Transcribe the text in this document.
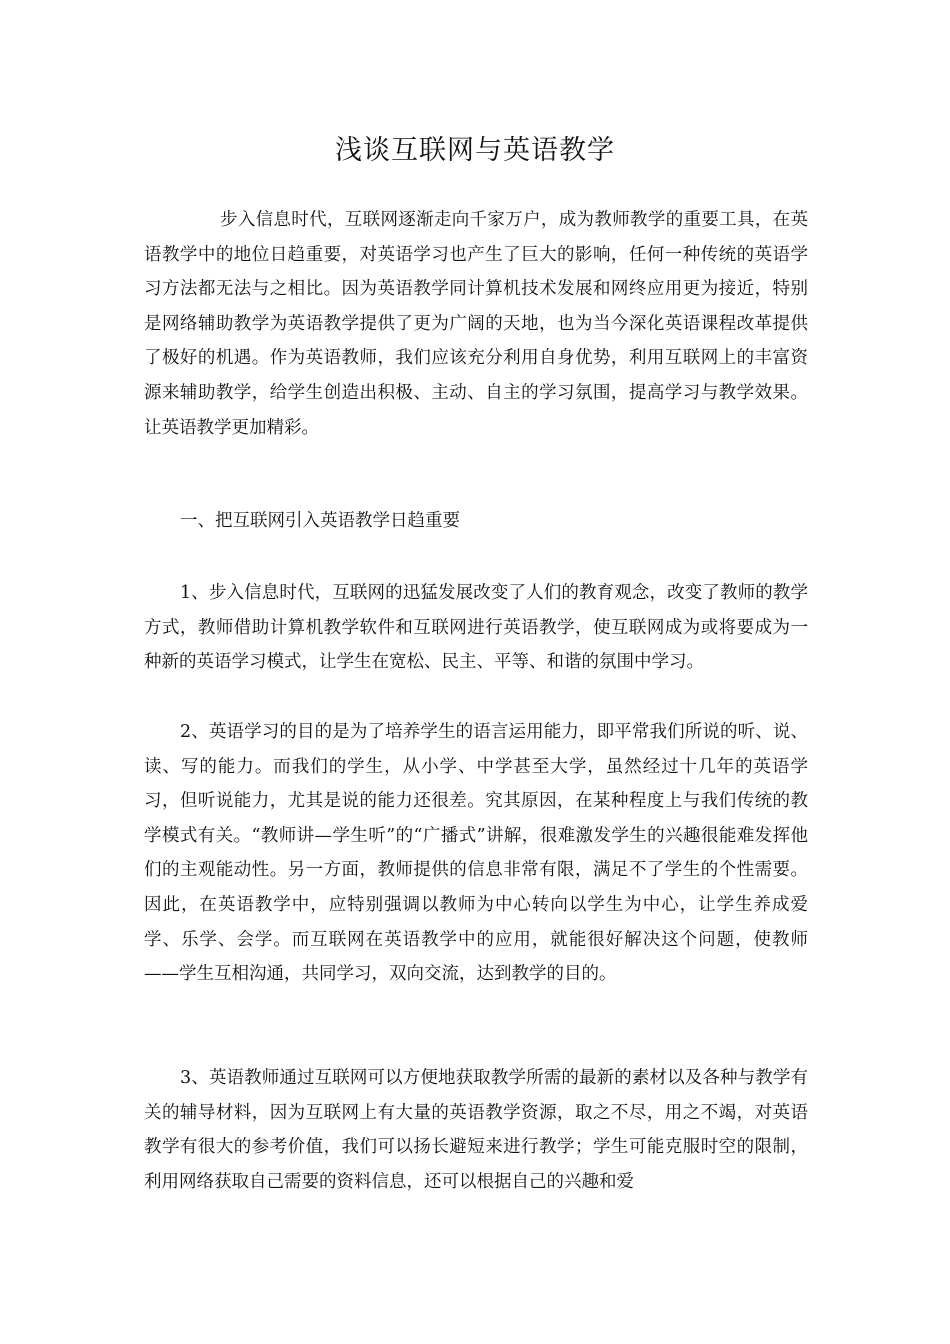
浅谈互联网与英语教学

步入信息时代，互联网逐渐走向千家万户，成为教师教学的重要工具，在英语教学中的地位日趋重要，对英语学习也产生了巨大的影响，任何一种传统的英语学习方法都无法与之相比。因为英语教学同计算机技术发展和网终应用更为接近，特别是网络辅助教学为英语教学提供了更为广阔的天地，也为当今深化英语课程改革提供了极好的机遇。作为英语教师，我们应该充分利用自身优势，利用互联网上的丰富资源来辅助教学，给学生创造出积极、主动、自主的学习氛围，提高学习与教学效果。让英语教学更加精彩。

一、把互联网引入英语教学日趋重要

1、步入信息时代，互联网的迅猛发展改变了人们的教育观念，改变了教师的教学方式，教师借助计算机教学软件和互联网进行英语教学，使互联网成为或将要成为一种新的英语学习模式，让学生在宽松、民主、平等、和谐的氛围中学习。

2、英语学习的目的是为了培养学生的语言运用能力，即平常我们所说的听、说、读、写的能力。而我们的学生，从小学、中学甚至大学，虽然经过十几年的英语学习，但听说能力，尤其是说的能力还很差。究其原因，在某种程度上与我们传统的教学模式有关。“教师讲—学生听”的“广播式”讲解，很难激发学生的兴趣很能难发挥他们的主观能动性。另一方面，教师提供的信息非常有限，满足不了学生的个性需要。因此，在英语教学中，应特别强调以教师为中心转向以学生为中心，让学生养成爱学、乐学、会学。而互联网在英语教学中的应用，就能很好解决这个问题，使教师——学生互相沟通，共同学习，双向交流，达到教学的目的。

3、英语教师通过互联网可以方便地获取教学所需的最新的素材以及各种与教学有关的辅导材料，因为互联网上有大量的英语教学资源，取之不尽，用之不竭，对英语教学有很大的参考价值，我们可以扬长避短来进行教学；学生可能克服时空的限制，利用网络获取自己需要的资料信息，还可以根据自己的兴趣和爱
